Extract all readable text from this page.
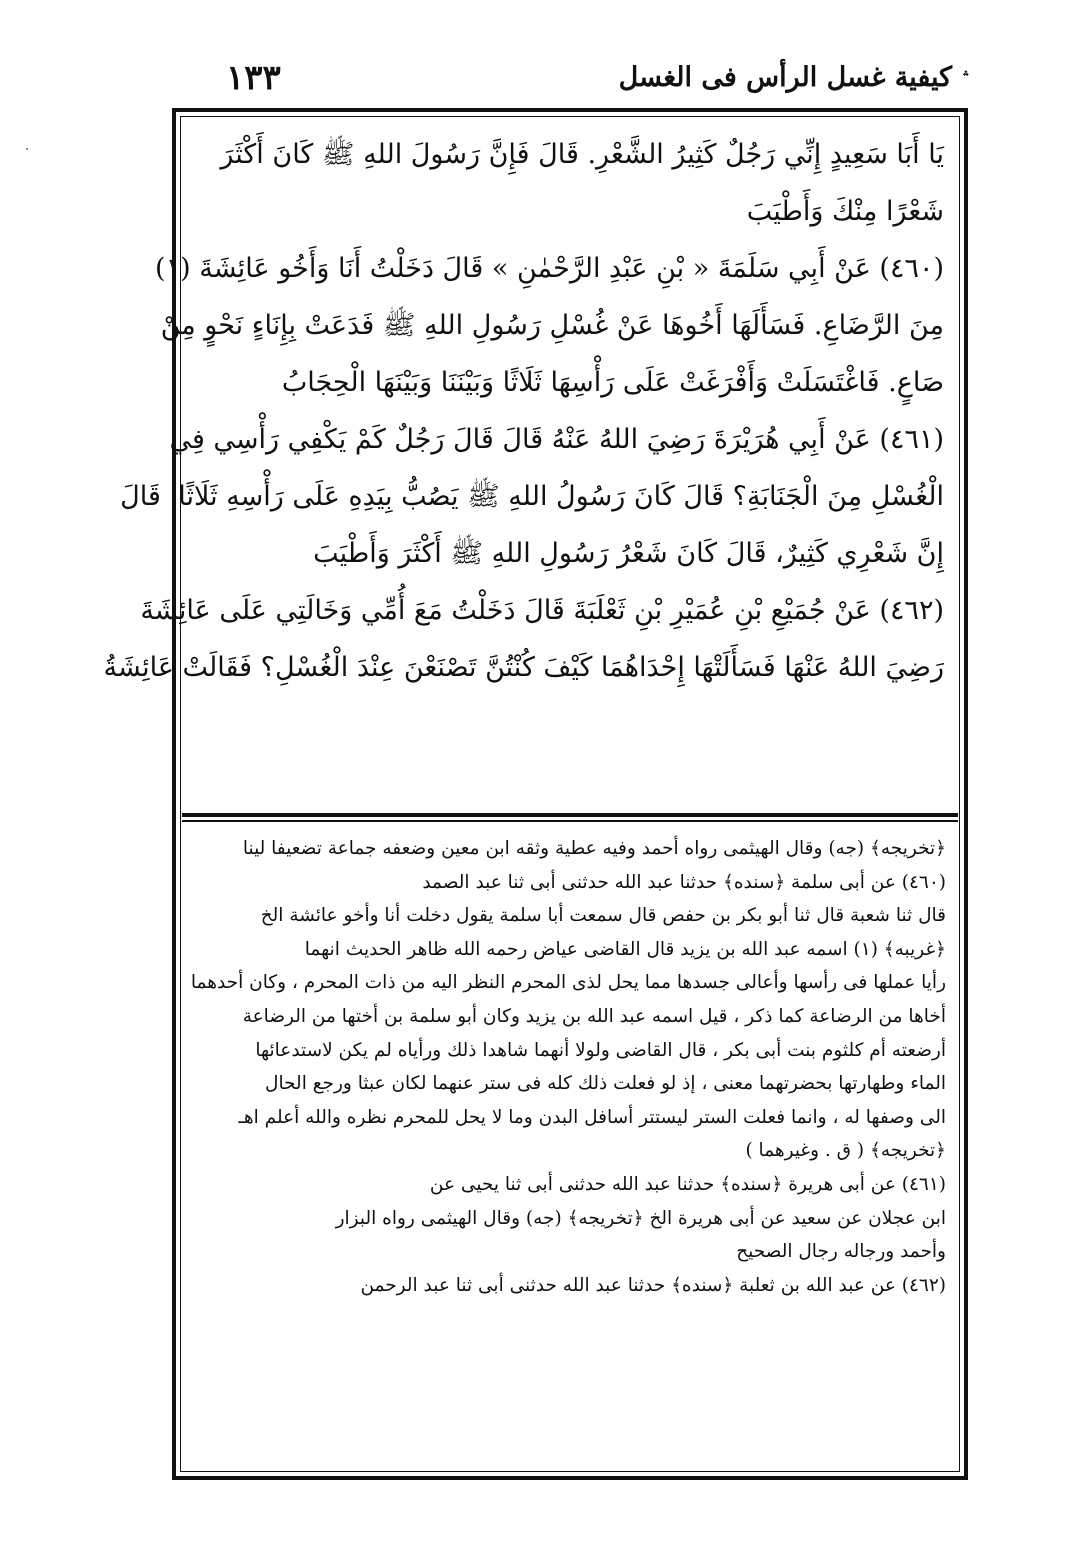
١٣٣	كيفية غسل الرأس فى الغسل ؞
يَا أَبَا سَعِيدٍ إِنِّي رَجُلٌ كَثِيرُ الشَّعْرِ. قَالَ فَإِنَّ رَسُولَ اللهِ ﷺ كَانَ أَكْثَرَ
شَعْرًا مِنْكَ وَأَطْيَبَ
(٤٦٠) عَنْ أَبِي سَلَمَةَ « بْنِ عَبْدِ الرَّحْمٰنِ » قَالَ دَخَلْتُ أَنَا وَأَخُو عَائِشَةَ (١)
مِنَ الرَّضَاعِ. فَسَأَلَهَا أَخُوهَا عَنْ غُسْلِ رَسُولِ اللهِ ﷺ فَدَعَتْ بِإِنَاءٍ نَحْوٍ مِنْ
صَاعٍ. فَاغْتَسَلَتْ وَأَفْرَغَتْ عَلَى رَأْسِهَا ثَلَاثًا وَبَيْنَنَا وَبَيْنَهَا الْحِجَابُ
(٤٦١) عَنْ أَبِي هُرَيْرَةَ رَضِيَ اللهُ عَنْهُ قَالَ قَالَ رَجُلٌ كَمْ يَكْفِي رَأْسِي فِي
الْغُسْلِ مِنَ الْجَنَابَةِ؟ قَالَ كَانَ رَسُولُ اللهِ ﷺ يَصُبُّ بِيَدِهِ عَلَى رَأْسِهِ ثَلَاثًا، قَالَ
إِنَّ شَعْرِي كَثِيرٌ، قَالَ كَانَ شَعْرُ رَسُولِ اللهِ ﷺ أَكْثَرَ وَأَطْيَبَ
(٤٦٢) عَنْ جُمَيْعِ بْنِ عُمَيْرِ بْنِ ثَعْلَبَةَ قَالَ دَخَلْتُ مَعَ أُمِّي وَخَالَتِي عَلَى عَائِشَةَ
رَضِيَ اللهُ عَنْهَا فَسَأَلَتْهَا إِحْدَاهُمَا كَيْفَ كُنْتُنَّ تَصْنَعْنَ عِنْدَ الْغُسْلِ؟ فَقَالَتْ عَائِشَةُ
﴿تخريجه﴾ (جه) وقال الهيثمى رواه أحمد وفيه عطية وثقه ابن معين وضعفه جماعة تضعيفا لينا
(٤٦٠) عن أبى سلمة ﴿سنده﴾ حدثنا عبد الله حدثنى أبى ثنا عبد الصمد
قال ثنا شعبة قال ثنا أبو بكر بن حفص قال سمعت أبا سلمة يقول دخلت أنا وأخو عائشة الخ
﴿غريبه﴾ (١) اسمه عبد الله بن يزيد قال القاضى عياض رحمه الله ظاهر الحديث انهما
رأيا عملها فى رأسها وأعالى جسدها مما يحل لذى المحرم النظر اليه من ذات المحرم ، وكان أحدهما
أخاها من الرضاعة كما ذكر ، قيل اسمه عبد الله بن يزيد وكان أبو سلمة بن أختها من الرضاعة
أرضعته أم كلثوم بنت أبى بكر ، قال القاضى ولولا أنهما شاهدا ذلك ورأياه لم يكن لاستدعائها
الماء وطهارتها بحضرتهما معنى ، إذ لو فعلت ذلك كله فى ستر عنهما لكان عبثا ورجع الحال
الى وصفها له ، وانما فعلت الستر ليستتر أسافل البدن وما لا يحل للمحرم نظره والله أعلم اهـ
﴿تخريجه﴾ ( ق . وغيرهما )
(٤٦١) عن أبى هريرة ﴿سنده﴾ حدثنا عبد الله حدثنى أبى ثنا يحيى عن
ابن عجلان عن سعيد عن أبى هريرة الخ ﴿تخريجه﴾ (جه) وقال الهيثمى رواه البزار
وأحمد ورجاله رجال الصحيح
(٤٦٢) عن عبد الله بن ثعلبة ﴿سنده﴾ حدثنا عبد الله حدثنى أبى ثنا عبد الرحمن
